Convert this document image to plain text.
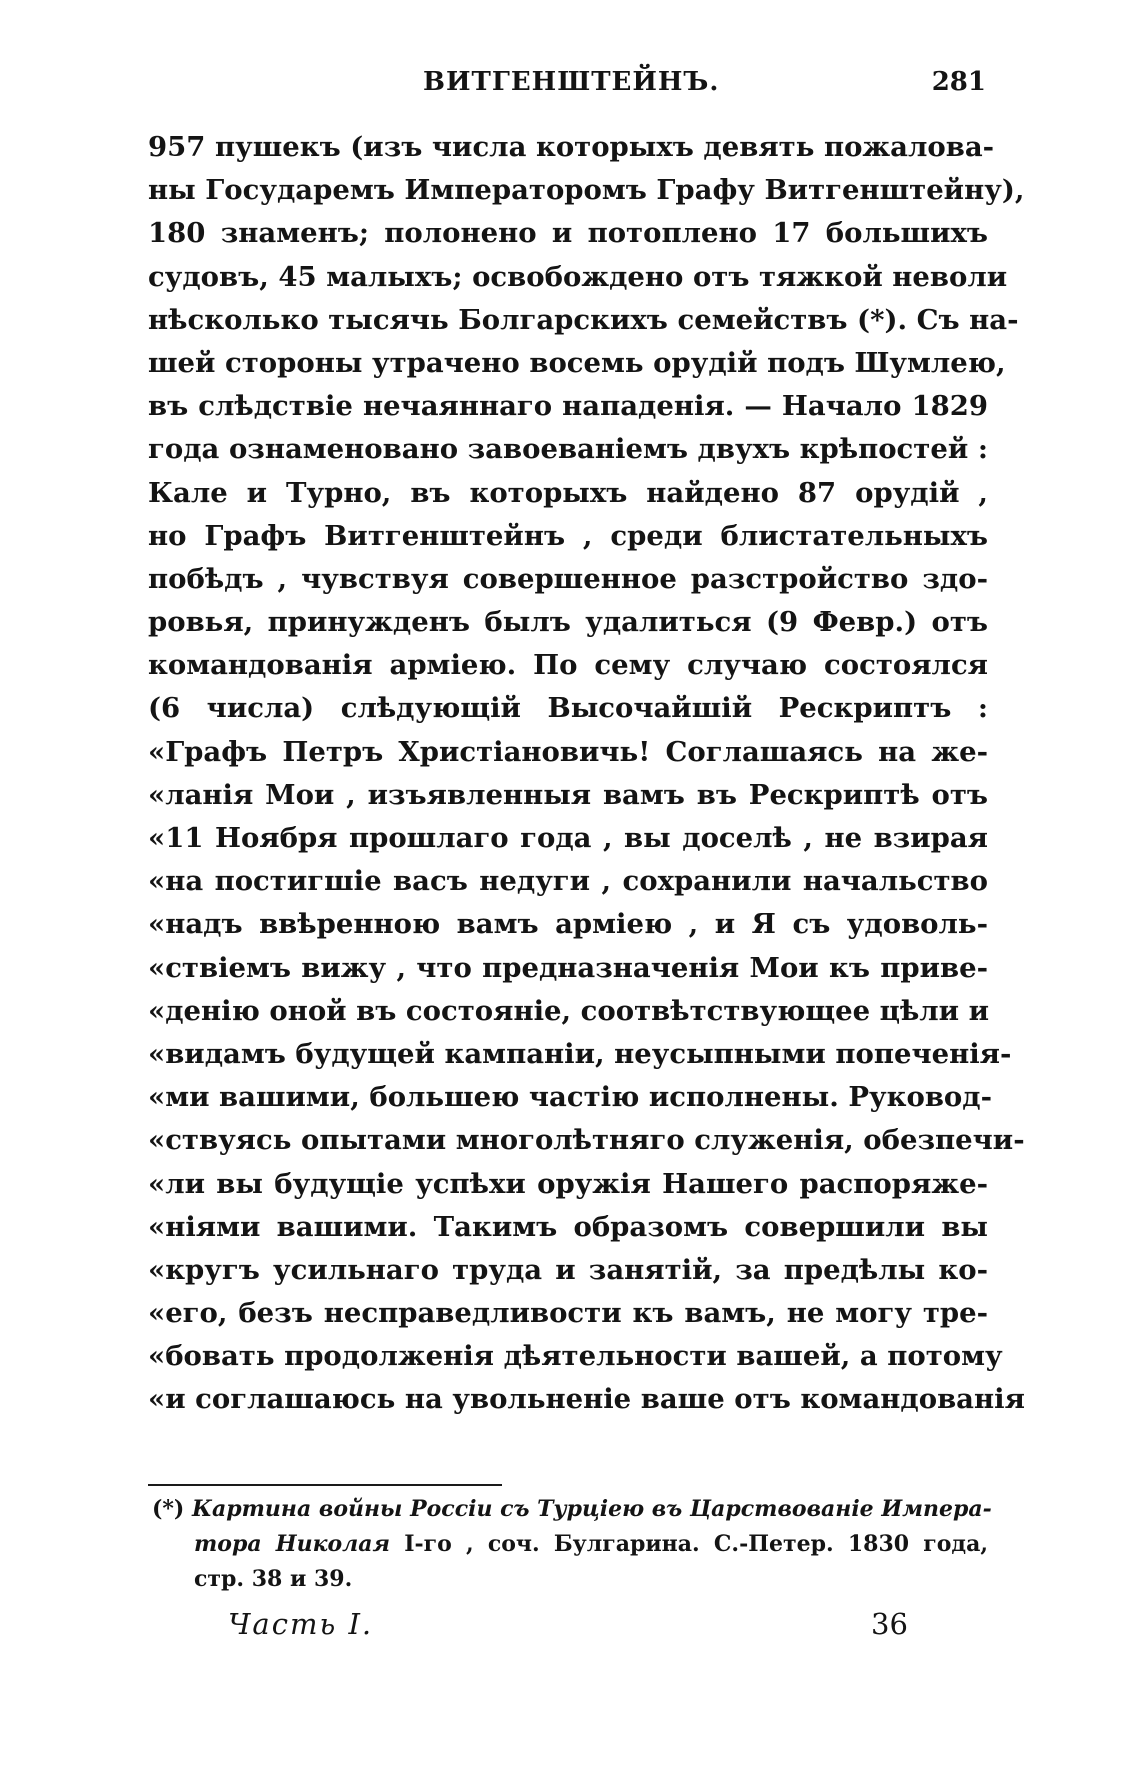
ВИТГЕНШТЕЙНЪ.	281
957 пушекъ (изъ числа которыхъ девять пожалова-
ны Государемъ Императоромъ Графу Витгенштейну),
180 знаменъ; полонено и потоплено 17 большихъ
судовъ, 45 малыхъ; освобождено отъ тяжкой неволи
нѣсколько тысячь Болгарскихъ семействъ (*). Съ на-
шей стороны утрачено восемь орудій подъ Шумлею,
въ слѣдствіе нечаяннаго нападенія. — Начало 1829
года ознаменовано завоеваніемъ двухъ крѣпостей :
Кале и Турно, въ которыхъ найдено 87 орудій ,
но Графъ Витгенштейнъ , среди блистательныхъ
побѣдъ , чувствуя совершенное разстройство здо-
ровья, принужденъ былъ удалиться (9 Февр.) отъ
командованія арміею. По сему случаю состоялся
(6 числа) слѣдующій Высочайшій Рескриптъ :
«Графъ Петръ Христіановичь! Соглашаясь на же-
«ланія Мои , изъявленныя вамъ въ Рескриптѣ отъ
«11 Ноября прошлаго года , вы доселѣ , не взирая
«на постигшіе васъ недуги , сохранили начальство
«надъ ввѣренною вамъ арміею , и Я съ удоволь-
«ствіемъ вижу , что предназначенія Мои къ приве-
«денію оной въ состояніе, соотвѣтствующее цѣли и
«видамъ будущей кампаніи, неусыпными попеченія-
«ми вашими, большею частію исполнены. Руковод-
«ствуясь опытами многолѣтняго служенія, обезпечи-
«ли вы будущіе успѣхи оружія Нашего распоряже-
«ніями вашими. Такимъ образомъ совершили вы
«кругъ усильнаго труда и занятій, за предѣлы ко-
«его, безъ несправедливости къ вамъ, не могу тре-
«бовать продолженія дѣятельности вашей, а потому
«и соглашаюсь на увольненіе ваше отъ командованія
(*) Картина войны Россіи съ Турціею въ Царствованіе Импера-
тора Николая I-го , соч. Булгарина. С.-Петер. 1830 года,
стр. 38 и 39.
Часть I.	36
